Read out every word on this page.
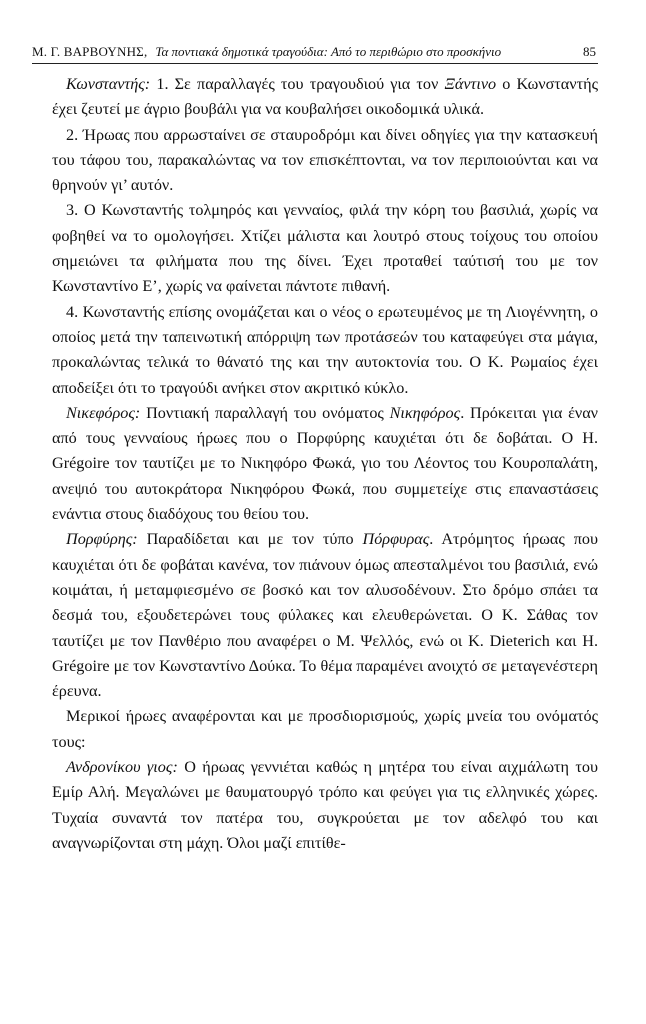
Μ. Γ. ΒΑΡΒΟΥΝΗΣ, Τα ποντιακά δημοτικά τραγούδια: Από το περιθώριο στο προσκήνιο	85

Κωνσταντής: 1. Σε παραλλαγές του τραγουδιού για τον Ξάντινο ο Κωνσταντής έχει ζευτεί με άγριο βουβάλι για να κουβαλήσει οικοδομικά υλικά.

2. Ήρωας που αρρωσταίνει σε σταυροδρόμι και δίνει οδηγίες για την κατασκευή του τάφου του, παρακαλώντας να τον επισκέπτονται, να τον περιποιούνται και να θρηνούν γι’ αυτόν.

3. Ο Κωνσταντής τολμηρός και γενναίος, φιλά την κόρη του βασιλιά, χωρίς να φοβηθεί να το ομολογήσει. Χτίζει μάλιστα και λουτρό στους τοίχους του οποίου σημειώνει τα φιλήματα που της δίνει. Έχει προταθεί ταύτισή του με τον Κωνσταντίνο Ε’, χωρίς να φαίνεται πάντοτε πιθανή.

4. Κωνσταντής επίσης ονομάζεται και ο νέος ο ερωτευμένος με τη Λιογέννητη, ο οποίος μετά την ταπεινωτική απόρριψη των προτάσεών του καταφεύγει στα μάγια, προκαλώντας τελικά το θάνατό της και την αυτοκτονία του. Ο Κ. Ρωμαίος έχει αποδείξει ότι το τραγούδι ανήκει στον ακριτικό κύκλο.

Νικεφόρος: Ποντιακή παραλλαγή του ονόματος Νικηφόρος. Πρόκειται για έναν από τους γενναίους ήρωες που ο Πορφύρης καυχιέται ότι δε δοβάται. Ο Η. Grégoire τον ταυτίζει με το Νικηφόρο Φωκά, γιο του Λέοντος του Κουροπαλάτη, ανεψιό του αυτοκράτορα Νικηφόρου Φωκά, που συμμετείχε στις επαναστάσεις ενάντια στους διαδόχους του θείου του.

Πορφύρης: Παραδίδεται και με τον τύπο Πόρφυρας. Ατρόμητος ήρωας που καυχιέται ότι δε φοβάται κανένα, τον πιάνουν όμως απεσταλμένοι του βασιλιά, ενώ κοιμάται, ή μεταμφιεσμένο σε βοσκό και τον αλυσοδένουν. Στο δρόμο σπάει τα δεσμά του, εξουδετερώνει τους φύλακες και ελευθερώνεται. Ο Κ. Σάθας τον ταυτίζει με τον Πανθέριο που αναφέρει ο Μ. Ψελλός, ενώ οι Κ. Dieterich και Η. Grégoire με τον Κωνσταντίνο Δούκα. Το θέμα παραμένει ανοιχτό σε μεταγενέστερη έρευνα.

Μερικοί ήρωες αναφέρονται και με προσδιορισμούς, χωρίς μνεία του ονόματός τους:

Ανδρονίκου γιος: Ο ήρωας γεννιέται καθώς η μητέρα του είναι αιχμάλωτη του Εμίρ Αλή. Μεγαλώνει με θαυματουργό τρόπο και φεύγει για τις ελληνικές χώρες. Τυχαία συναντά τον πατέρα του, συγκρούεται με τον αδελφό του και αναγνωρίζονται στη μάχη. Όλοι μαζί επιτίθε-
